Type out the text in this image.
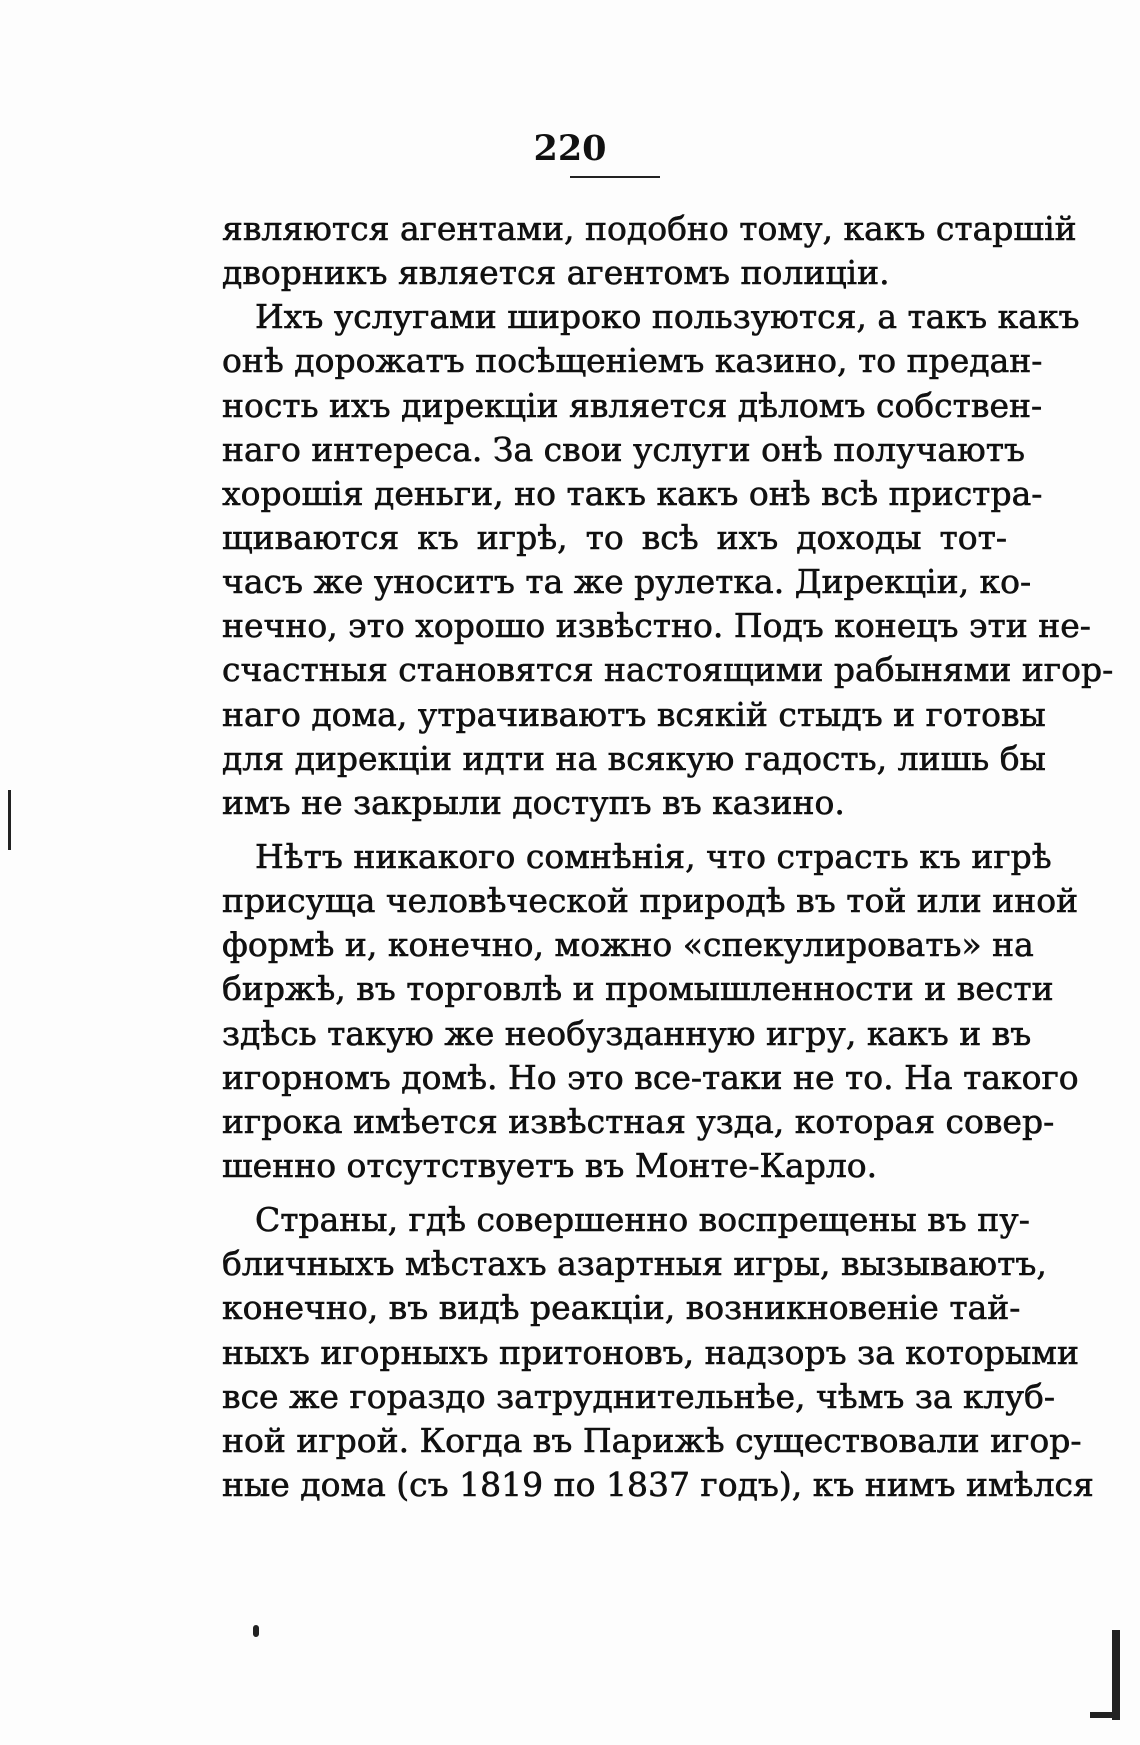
220
являются агентами, подобно тому, какъ старшій
дворникъ является агентомъ полиціи.
Ихъ услугами широко пользуются, а такъ какъ
онѣ дорожатъ посѣщеніемъ казино, то предан-
ность ихъ дирекціи является дѣломъ собствен-
наго интереса. За свои услуги онѣ получаютъ
хорошія деньги, но такъ какъ онѣ всѣ пристра-
щиваются къ игрѣ, то всѣ ихъ доходы тот-
часъ же уноситъ та же рулетка. Дирекціи, ко-
нечно, это хорошо извѣстно. Подъ конецъ эти не-
счастныя становятся настоящими рабынями игор-
наго дома, утрачиваютъ всякій стыдъ и готовы
для дирекціи идти на всякую гадость, лишь бы
имъ не закрыли доступъ въ казино.
Нѣтъ никакого сомнѣнія, что страсть къ игрѣ
присуща человѣческой природѣ въ той или иной
формѣ и, конечно, можно «спекулировать» на
биржѣ, въ торговлѣ и промышленности и вести
здѣсь такую же необузданную игру, какъ и въ
игорномъ домѣ. Но это все-таки не то. На такого
игрока имѣется извѣстная узда, которая совер-
шенно отсутствуетъ въ Монте-Карло.
Страны, гдѣ совершенно воспрещены въ пу-
бличныхъ мѣстахъ азартныя игры, вызываютъ,
конечно, въ видѣ реакціи, возникновеніе тай-
ныхъ игорныхъ притоновъ, надзоръ за которыми
все же гораздо затруднительнѣе, чѣмъ за клуб-
ной игрой. Когда въ Парижѣ существовали игор-
ные дома (съ 1819 по 1837 годъ), къ нимъ имѣлся
